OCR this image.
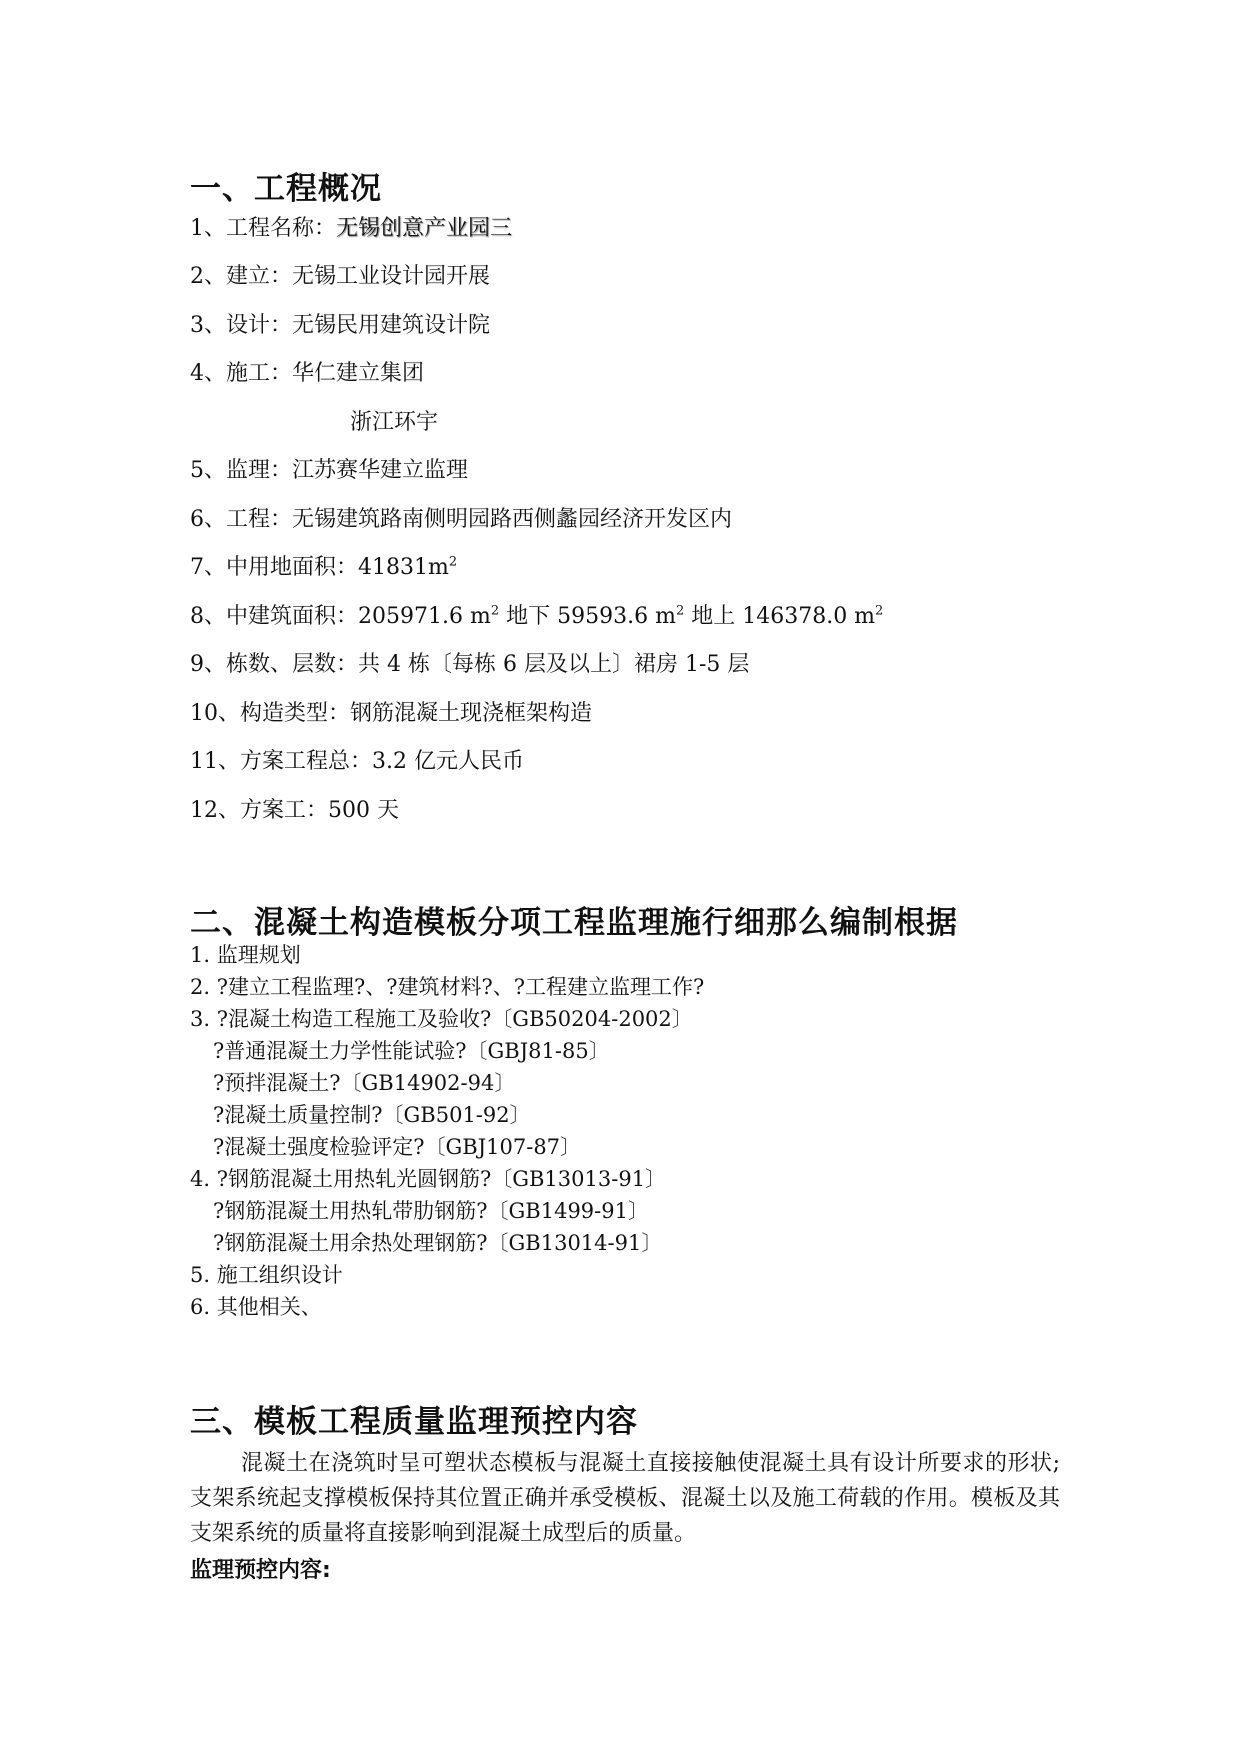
一、工程概况
1、工程名称：无锡创意产业园三
2、建立：无锡工业设计园开展
3、设计：无锡民用建筑设计院
4、施工：华仁建立集团
浙江环宇
5、监理：江苏赛华建立监理
6、工程：无锡建筑路南侧明园路西侧蠡园经济开发区内
7、中用地面积：$41831m^2$
8、中建筑面积：205971.6 $m^2$ 地下 59593.6 $m^2$ 地上 146378.0 $m^2$
9、栋数、层数：共 4 栋〔每栋 6 层及以上〕裙房 1-5 层
10、构造类型：钢筋混凝土现浇框架构造
11、方案工程总：3.2 亿元人民币
12、方案工：500 天
二、混凝土构造模板分项工程监理施行细那么编制根据
1. 监理规划
2. ?建立工程监理?、?建筑材料?、?工程建立监理工作?
3. ?混凝土构造工程施工及验收?〔GB50204-2002〕
?普通混凝土力学性能试验?〔GBJ81-85〕
?预拌混凝土?〔GB14902-94〕
?混凝土质量控制?〔GB501-92〕
?混凝土强度检验评定?〔GBJ107-87〕
4. ?钢筋混凝土用热轧光圆钢筋?〔GB13013-91〕
?钢筋混凝土用热轧带肋钢筋?〔GB1499-91〕
?钢筋混凝土用余热处理钢筋?〔GB13014-91〕
5. 施工组织设计
6. 其他相关、
三、模板工程质量监理预控内容
混凝土在浇筑时呈可塑状态模板与混凝土直接接触使混凝土具有设计所要求的形状; 支架系统起支撑模板保持其位置正确并承受模板、混凝土以及施工荷载的作用。模板及其支架系统的质量将直接影响到混凝土成型后的质量。
监理预控内容:
